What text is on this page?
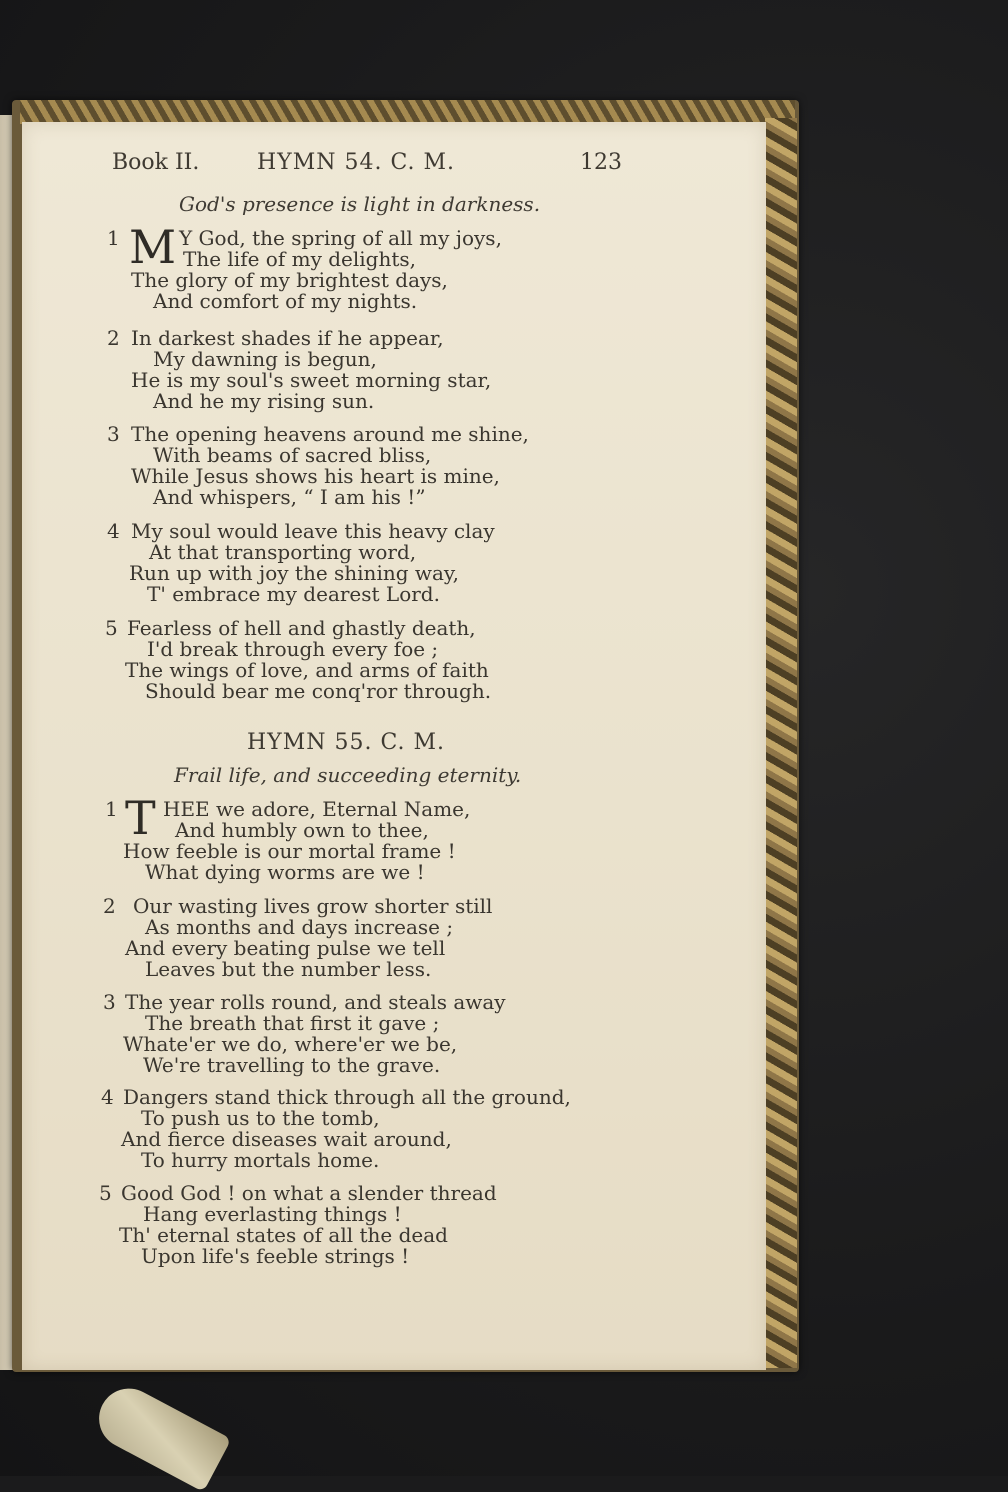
Book II.	HYMN 54. C. M.	123
God's presence is light in darkness.
1 M Y God, the spring of all my joys,
The life of my delights,
The glory of my brightest days,
And comfort of my nights.
2 In darkest shades if he appear,
My dawning is begun,
He is my soul's sweet morning star,
And he my rising sun.
3 The opening heavens around me shine,
With beams of sacred bliss,
While Jesus shows his heart is mine,
And whispers, “ I am his !”
4 My soul would leave this heavy clay
At that transporting word,
Run up with joy the shining way,
T' embrace my dearest Lord.
5 Fearless of hell and ghastly death,
I'd break through every foe ;
The wings of love, and arms of faith
Should bear me conq'ror through.
HYMN 55. C. M.
Frail life, and succeeding eternity.
1 T HEE we adore, Eternal Name,
And humbly own to thee,
How feeble is our mortal frame !
What dying worms are we !
2 Our wasting lives grow shorter still
As months and days increase ;
And every beating pulse we tell
Leaves but the number less.
3 The year rolls round, and steals away
The breath that first it gave ;
Whate'er we do, where'er we be,
We're travelling to the grave.
4 Dangers stand thick through all the ground,
To push us to the tomb,
And fierce diseases wait around,
To hurry mortals home.
5 Good God ! on what a slender thread
Hang everlasting things !
Th' eternal states of all the dead
Upon life's feeble strings !
